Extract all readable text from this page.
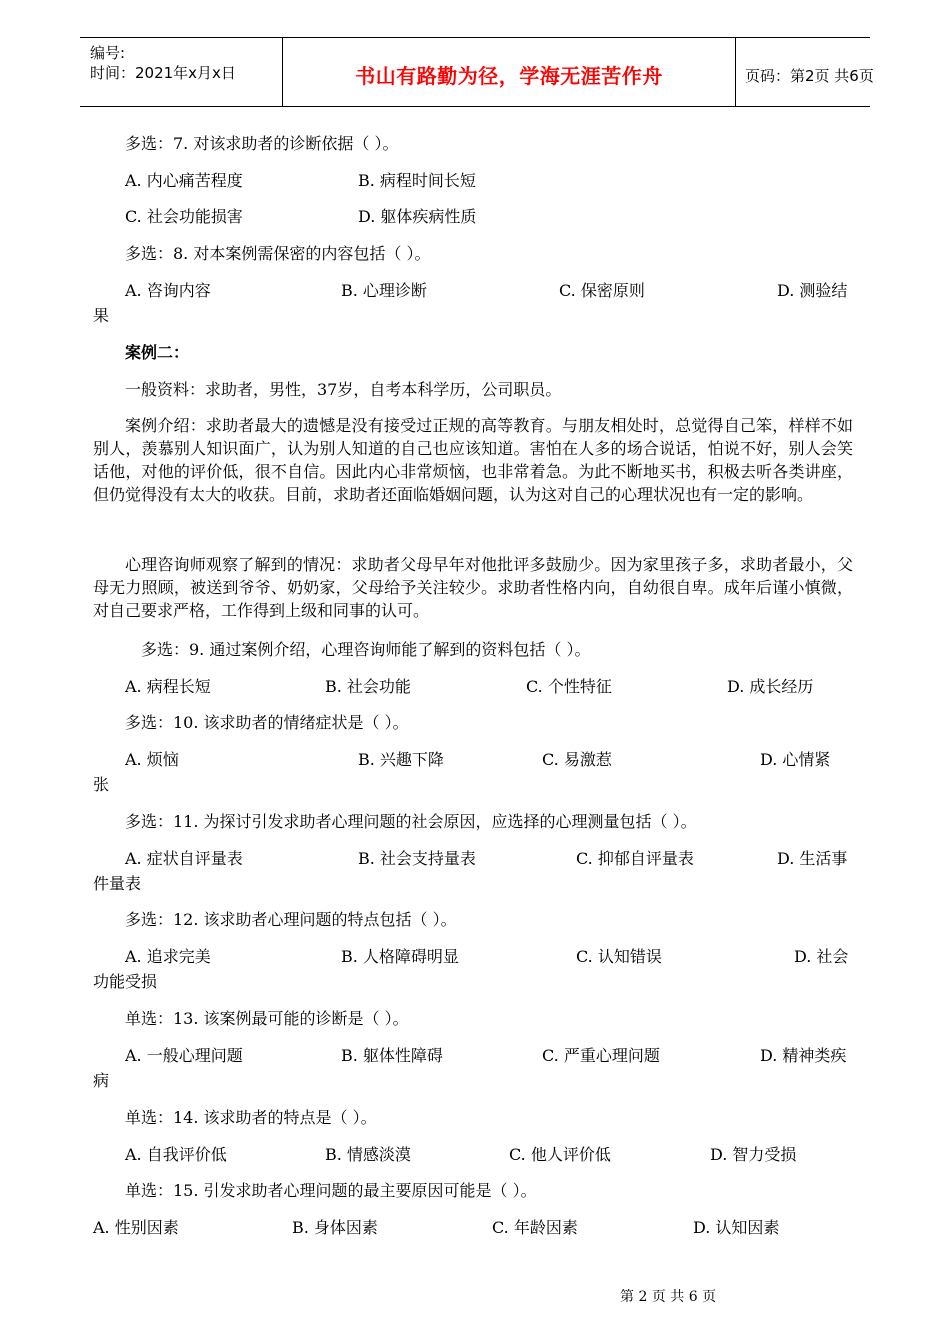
编号:
时间：2021年x月x日	书山有路勤为径，学海无涯苦作舟	页码：第2页 共6页
多选：7. 对该求助者的诊断依据（ ）。
A. 内心痛苦程度	B. 病程时间长短
C. 社会功能损害	D. 躯体疾病性质
多选：8. 对本案例需保密的内容包括（ ）。
A. 咨询内容	B. 心理诊断	C. 保密原则	D. 测验结
果
案例二：
一般资料：求助者，男性，37岁，自考本科学历，公司职员。
案例介绍：求助者最大的遗憾是没有接受过正规的高等教育。与朋友相处时，总觉得自己笨，样样不如别人，羡慕别人知识面广，认为别人知道的自己也应该知道。害怕在人多的场合说话，怕说不好，别人会笑话他，对他的评价低，很不自信。因此内心非常烦恼，也非常着急。为此不断地买书，积极去听各类讲座，但仍觉得没有太大的收获。目前，求助者还面临婚姻问题，认为这对自己的心理状况也有一定的影响。
心理咨询师观察了解到的情况：求助者父母早年对他批评多鼓励少。因为家里孩子多，求助者最小，父母无力照顾，被送到爷爷、奶奶家，父母给予关注较少。求助者性格内向，自幼很自卑。成年后谨小慎微，对自己要求严格，工作得到上级和同事的认可。
多选：9. 通过案例介绍，心理咨询师能了解到的资料包括（ ）。
A. 病程长短	B. 社会功能	C. 个性特征	D. 成长经历
多选：10. 该求助者的情绪症状是（ ）。
A. 烦恼	B. 兴趣下降	C. 易激惹	D. 心情紧
张
多选：11. 为探讨引发求助者心理问题的社会原因，应选择的心理测量包括（ ）。
A. 症状自评量表	B. 社会支持量表	C. 抑郁自评量表	D. 生活事
件量表
多选：12. 该求助者心理问题的特点包括（ ）。
A. 追求完美	B. 人格障碍明显	C. 认知错误	D. 社会
功能受损
单选：13. 该案例最可能的诊断是（ ）。
A. 一般心理问题	B. 躯体性障碍	C. 严重心理问题	D. 精神类疾
病
单选：14. 该求助者的特点是（ ）。
A. 自我评价低	B. 情感淡漠	C. 他人评价低	D. 智力受损
单选：15. 引发求助者心理问题的最主要原因可能是（ ）。
A. 性别因素	B. 身体因素	C. 年龄因素	D. 认知因素
第 2 页 共 6 页
